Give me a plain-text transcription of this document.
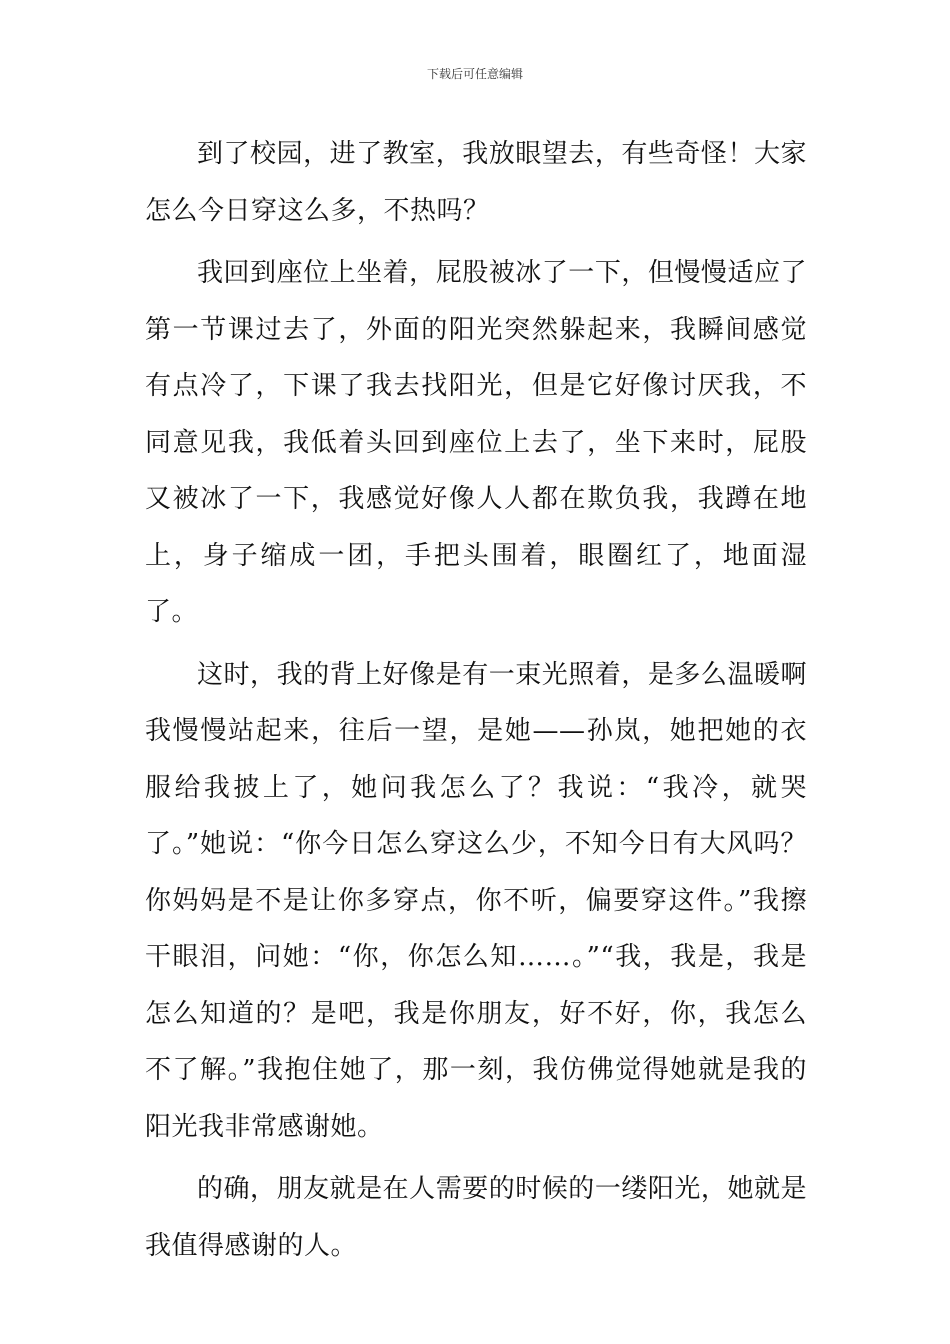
下载后可任意编辑

到了校园，进了教室，我放眼望去，有些奇怪！大家怎么今日穿这么多，不热吗？

我回到座位上坐着，屁股被冰了一下，但慢慢适应了第一节课过去了，外面的阳光突然躲起来，我瞬间感觉有点冷了，下课了我去找阳光，但是它好像讨厌我，不同意见我，我低着头回到座位上去了，坐下来时，屁股又被冰了一下，我感觉好像人人都在欺负我，我蹲在地上，身子缩成一团，手把头围着，眼圈红了，地面湿了。

这时，我的背上好像是有一束光照着，是多么温暖啊我慢慢站起来，往后一望，是她——孙岚，她把她的衣服给我披上了，她问我怎么了？我说：“我冷，就哭了。”她说：“你今日怎么穿这么少，不知今日有大风吗？你妈妈是不是让你多穿点，你不听，偏要穿这件。”我擦干眼泪，问她：“你，你怎么知……。”“我，我是，我是怎么知道的？是吧，我是你朋友，好不好，你，我怎么不了解。”我抱住她了，那一刻，我仿佛觉得她就是我的阳光我非常感谢她。

的确，朋友就是在人需要的时候的一缕阳光，她就是我值得感谢的人。
